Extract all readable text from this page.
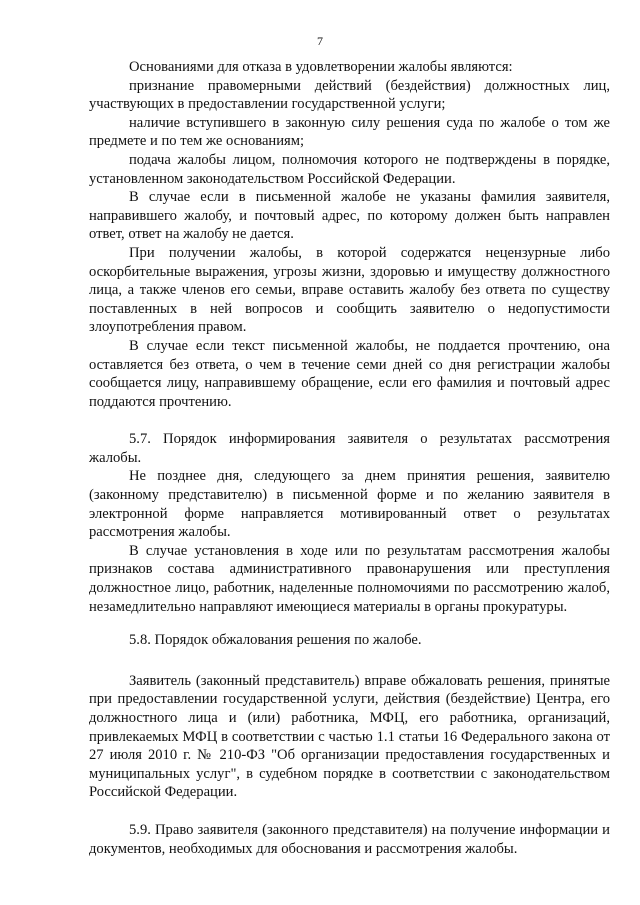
7

Основаниями для отказа в удовлетворении жалобы являются:

признание правомерными действий (бездействия) должностных лиц, участвующих в предоставлении государственной услуги;

наличие вступившего в законную силу решения суда по жалобе о том же предмете и по тем же основаниям;

подача жалобы лицом, полномочия которого не подтверждены в порядке, установленном законодательством Российской Федерации.

В случае если в письменной жалобе не указаны фамилия заявителя, направившего жалобу, и почтовый адрес, по которому должен быть направлен ответ, ответ на жалобу не дается.

При получении жалобы, в которой содержатся нецензурные либо оскорбительные выражения, угрозы жизни, здоровью и имуществу должностного лица, а также членов его семьи, вправе оставить жалобу без ответа по существу поставленных в ней вопросов и сообщить заявителю о недопустимости злоупотребления правом.

В случае если текст письменной жалобы, не поддается прочтению, она оставляется без ответа, о чем в течение семи дней со дня регистрации жалобы сообщается лицу, направившему обращение, если его фамилия и почтовый адрес поддаются прочтению.

5.7. Порядок информирования заявителя о результатах рассмотрения жалобы.

Не позднее дня, следующего за днем принятия решения, заявителю (законному представителю) в письменной форме и по желанию заявителя в электронной форме направляется мотивированный ответ о результатах рассмотрения жалобы.

В случае установления в ходе или по результатам рассмотрения жалобы признаков состава административного правонарушения или преступления должностное лицо, работник, наделенные полномочиями по рассмотрению жалоб, незамедлительно направляют имеющиеся материалы в органы прокуратуры.

5.8. Порядок обжалования решения по жалобе.

Заявитель (законный представитель) вправе обжаловать решения, принятые при предоставлении государственной услуги, действия (бездействие) Центра, его должностного лица и (или) работника, МФЦ, его работника, организаций, привлекаемых МФЦ в соответствии с частью 1.1 статьи 16 Федерального закона от 27 июля 2010 г. № 210-ФЗ "Об организации предоставления государственных и муниципальных услуг", в судебном порядке в соответствии с законодательством Российской Федерации.

5.9. Право заявителя (законного представителя) на получение информации и документов, необходимых для обоснования и рассмотрения жалобы.
